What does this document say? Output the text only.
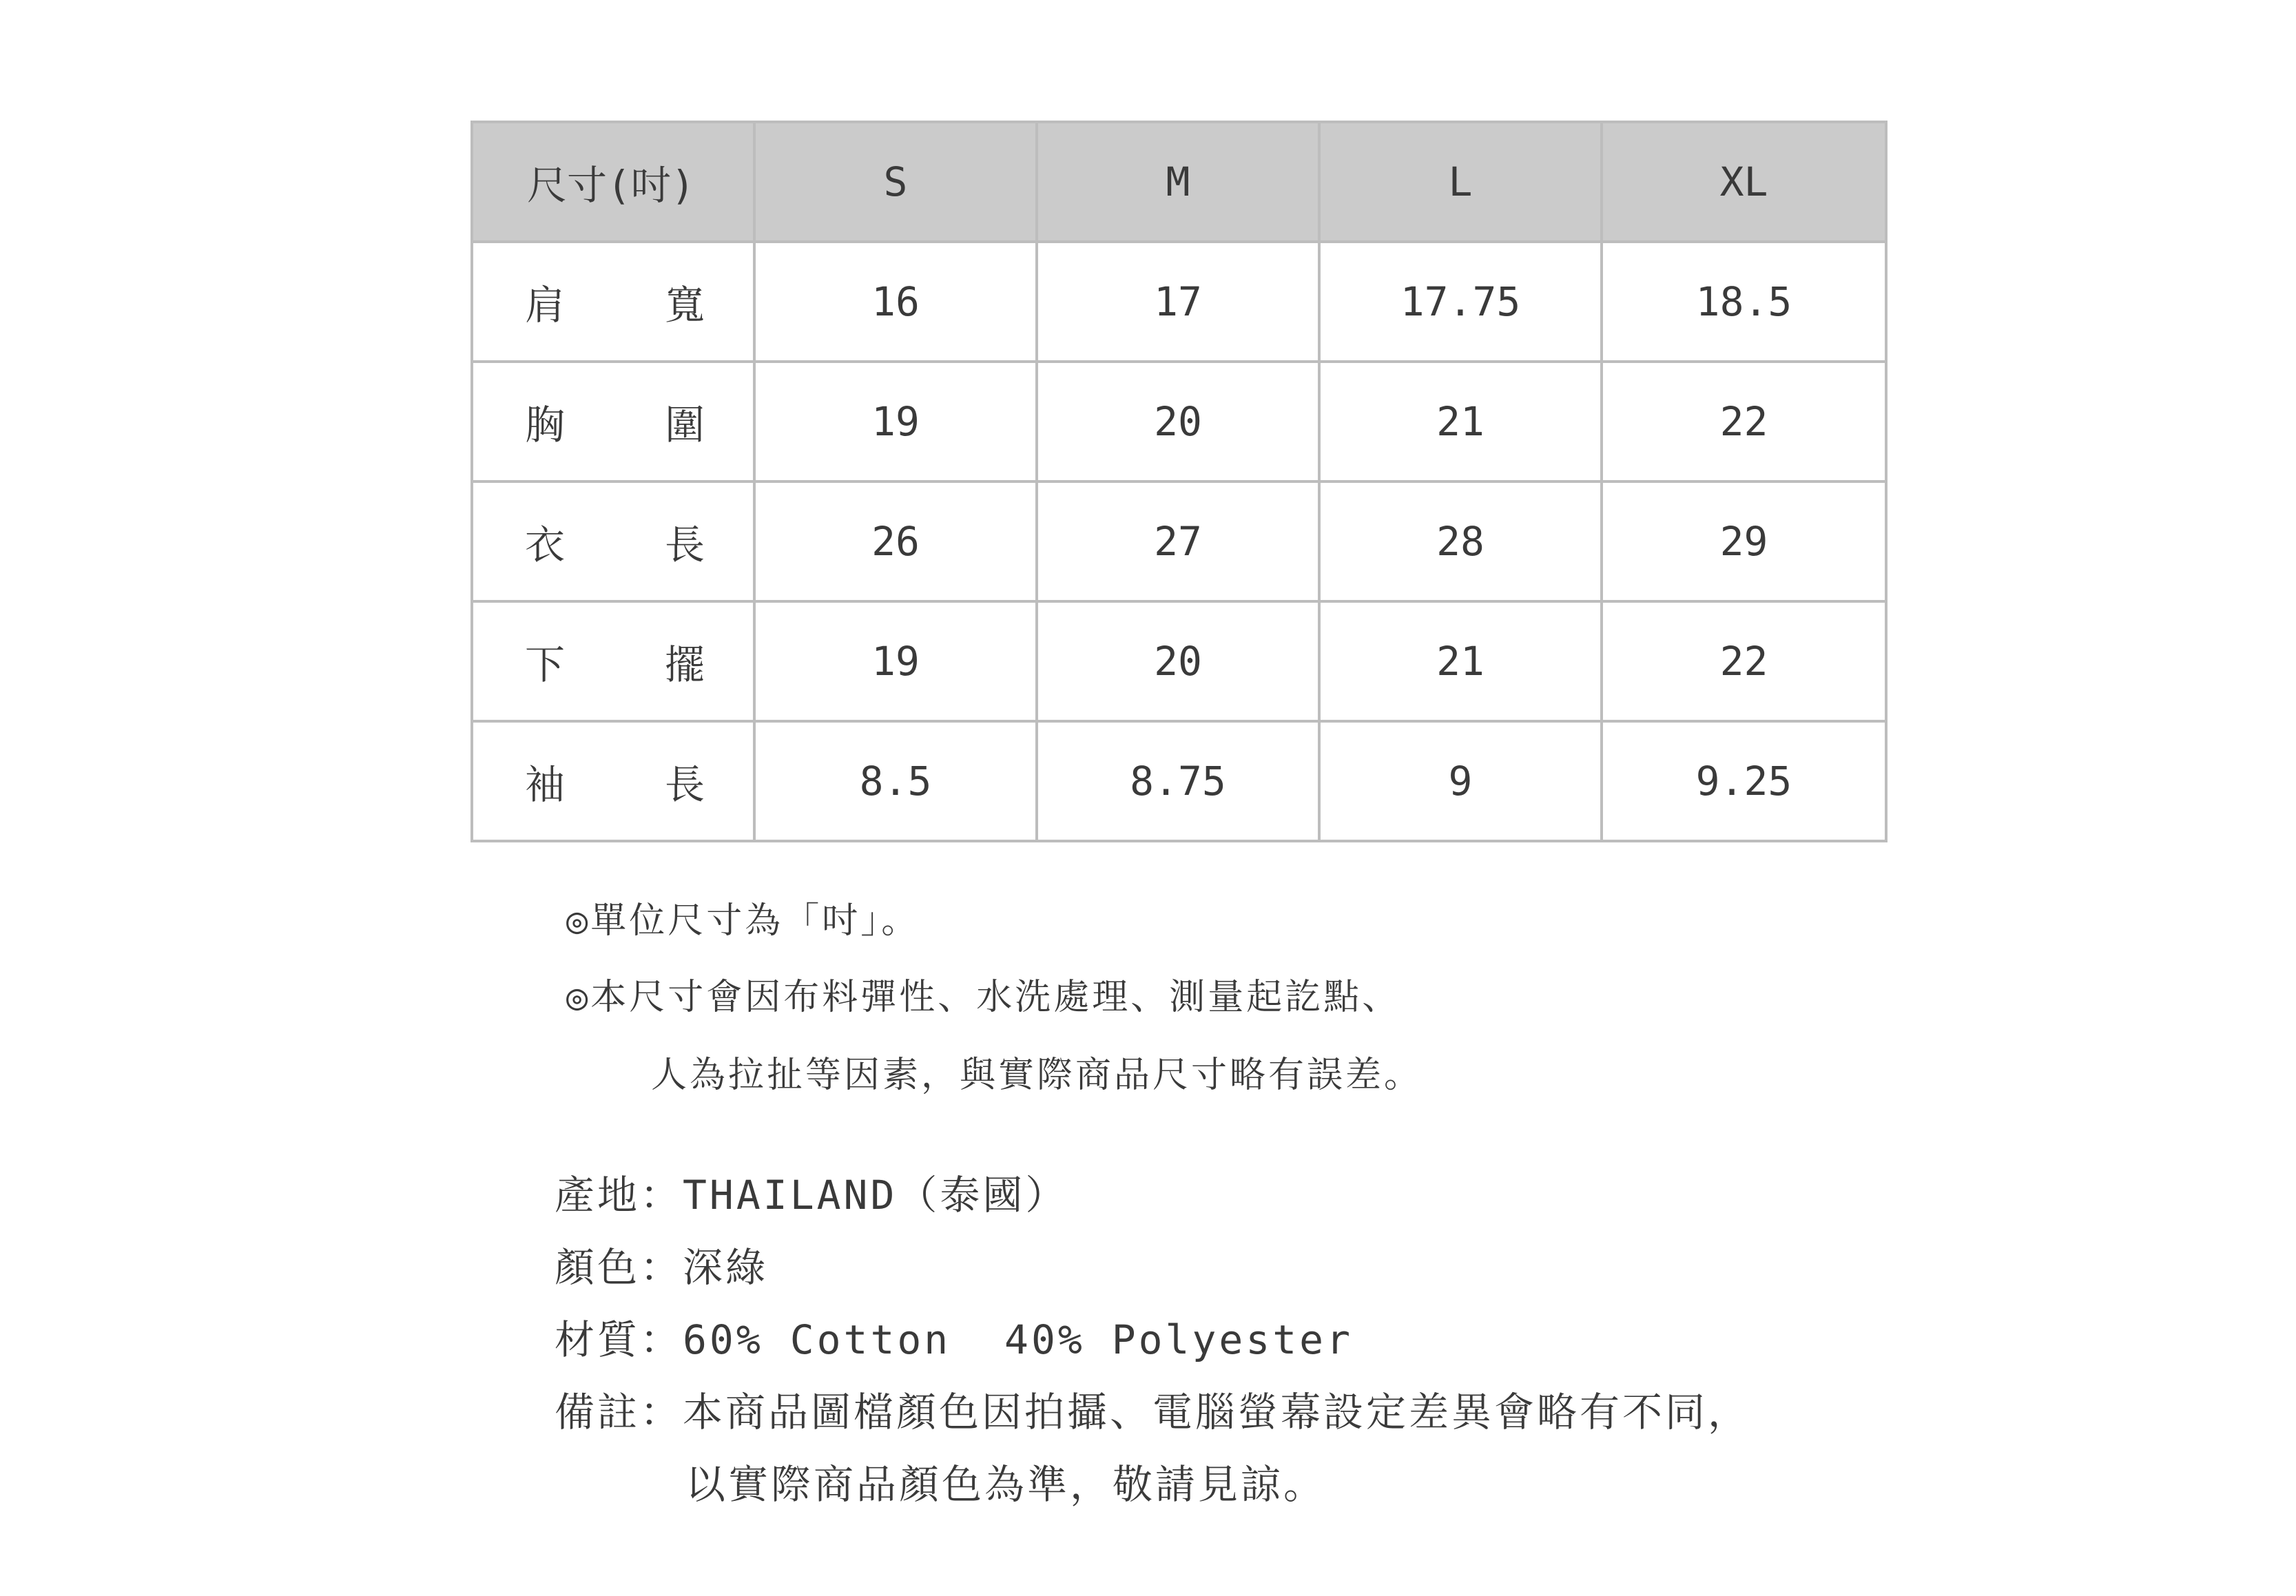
尺寸(吋)	S	M	L	XL

肩 寬	16	17	17.75	18.5

胸 圍	19	20	21	22

衣 長	26	27	28	29

下 擺	19	20	21	22

袖 長	8.5	8.75	9	9.25
◎單位尺寸為「吋」。
◎本尺寸會因布料彈性、水洗處理、測量起訖點、
人為拉扯等因素，與實際商品尺寸略有誤差。
產地：THAILAND（泰國）
顏色：深綠
材質：60% Cotton  40% Polyester
備註：本商品圖檔顏色因拍攝、電腦螢幕設定差異會略有不同，
以實際商品顏色為準，敬請見諒。
